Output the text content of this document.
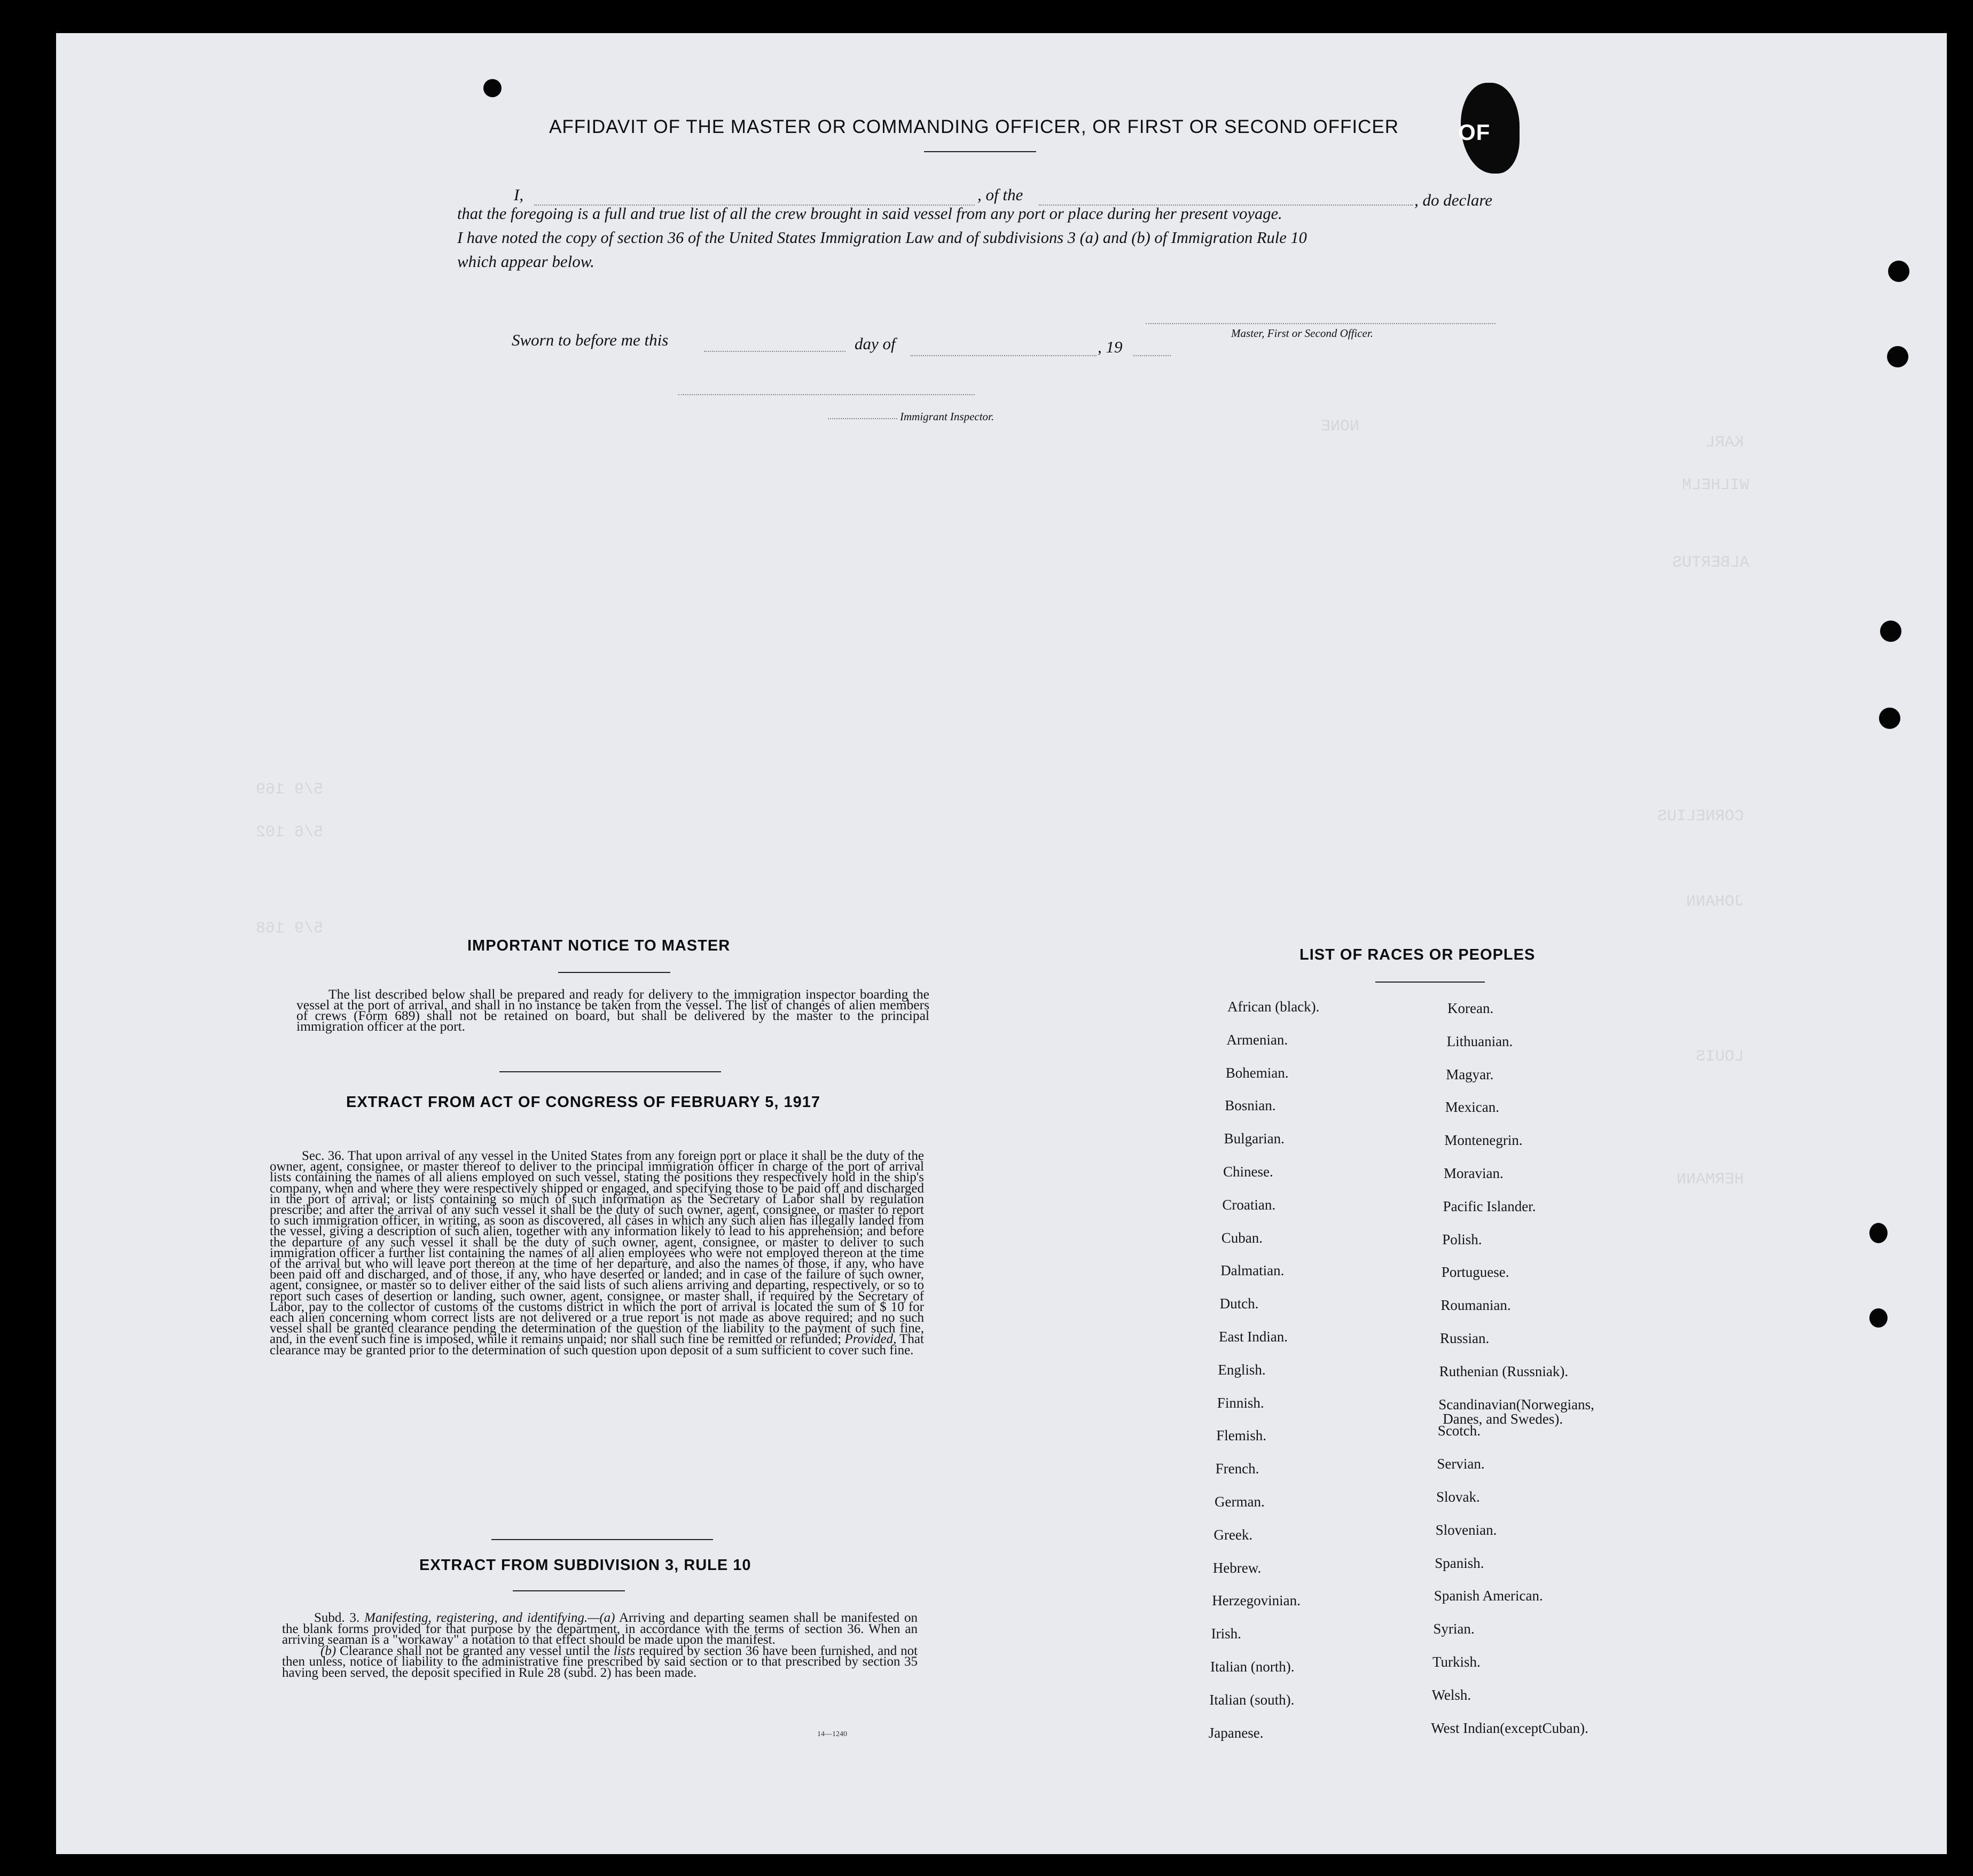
AFFIDAVIT OF THE MASTER OR COMMANDING OFFICER, OR FIRST OR SECOND OFFICER	OF
I,	, of the	, do declare
that the foregoing is a full and true list of all the crew brought in said vessel from any port or place during her present voyage.
I have noted the copy of section 36 of the United States Immigration Law and of subdivisions 3 (a) and (b) of Immigration Rule 10
which appear below.
Master, First or Second Officer.
Sworn to before me this	day of	, 19
Immigrant Inspector.
IMPORTANT NOTICE TO MASTER
The list described below shall be prepared and ready for delivery to the immigration inspector boarding the vessel at the port of arrival, and shall in no instance be taken from the vessel. The list of changes of alien members of crews (Form 689) shall not be retained on board, but shall be delivered by the master to the principal immigration officer at the port.
EXTRACT FROM ACT OF CONGRESS OF FEBRUARY 5, 1917
Sec. 36. That upon arrival of any vessel in the United States from any foreign port or place it shall be the duty of the owner, agent, consignee, or master thereof to deliver to the principal immigration officer in charge of the port of arrival lists containing the names of all aliens employed on such vessel, stating the positions they respectively hold in the ship's company, when and where they were respectively shipped or engaged, and specifying those to be paid off and discharged in the port of arrival; or lists containing so much of such information as the Secretary of Labor shall by regulation prescribe; and after the arrival of any such vessel it shall be the duty of such owner, agent, consignee, or master to report to such immigration officer, in writing, as soon as discovered, all cases in which any such alien has illegally landed from the vessel, giving a description of such alien, together with any information likely to lead to his apprehension; and before the departure of any such vessel it shall be the duty of such owner, agent, consignee, or master to deliver to such immigration officer a further list containing the names of all alien employees who were not employed thereon at the time of the arrival but who will leave port thereon at the time of her departure, and also the names of those, if any, who have been paid off and discharged, and of those, if any, who have deserted or landed; and in case of the failure of such owner, agent, consignee, or master so to deliver either of the said lists of such aliens arriving and departing, respectively, or so to report such cases of desertion or landing, such owner, agent, consignee, or master shall, if required by the Secretary of Labor, pay to the collector of customs of the customs district in which the port of arrival is located the sum of $ 10 for each alien concerning whom correct lists are not delivered or a true report is not made as above required; and no such vessel shall be granted clearance pending the determination of the question of the liability to the payment of such fine, and, in the event such fine is imposed, while it remains unpaid; nor shall such fine be remitted or refunded; Provided, That clearance may be granted prior to the determination of such question upon deposit of a sum sufficient to cover such fine.
EXTRACT FROM SUBDIVISION 3, RULE 10
Subd. 3. Manifesting, registering, and identifying.—(a) Arriving and departing seamen shall be manifested on the blank forms provided for that purpose by the department, in accordance with the terms of section 36. When an arriving seaman is a "workaway" a notation to that effect should be made upon the manifest.
(b) Clearance shall not be granted any vessel until the lists required by section 36 have been furnished, and not then unless, notice of liability to the administrative fine prescribed by said section or to that prescribed by section 35 having been served, the deposit specified in Rule 28 (subd. 2) has been made.
14—1240
LIST OF RACES OR PEOPLES
African (black).
Armenian.
Bohemian.
Bosnian.
Bulgarian.
Chinese.
Croatian.
Cuban.
Dalmatian.
Dutch.
East Indian.
English.
Finnish.
Flemish.
French.
German.
Greek.
Hebrew.
Herzegovinian.
Irish.
Italian (north).
Italian (south).
Japanese.
Korean.
Lithuanian.
Magyar.
Mexican.
Montenegrin.
Moravian.
Pacific Islander.
Polish.
Portuguese.
Roumanian.
Russian.
Ruthenian (Russniak).
Scandinavian(Norwegians,
Danes, and Swedes).
Scotch.
Servian.
Slovak.
Slovenian.
Spanish.
Spanish American.
Syrian.
Turkish.
Welsh.
West Indian(exceptCuban).
